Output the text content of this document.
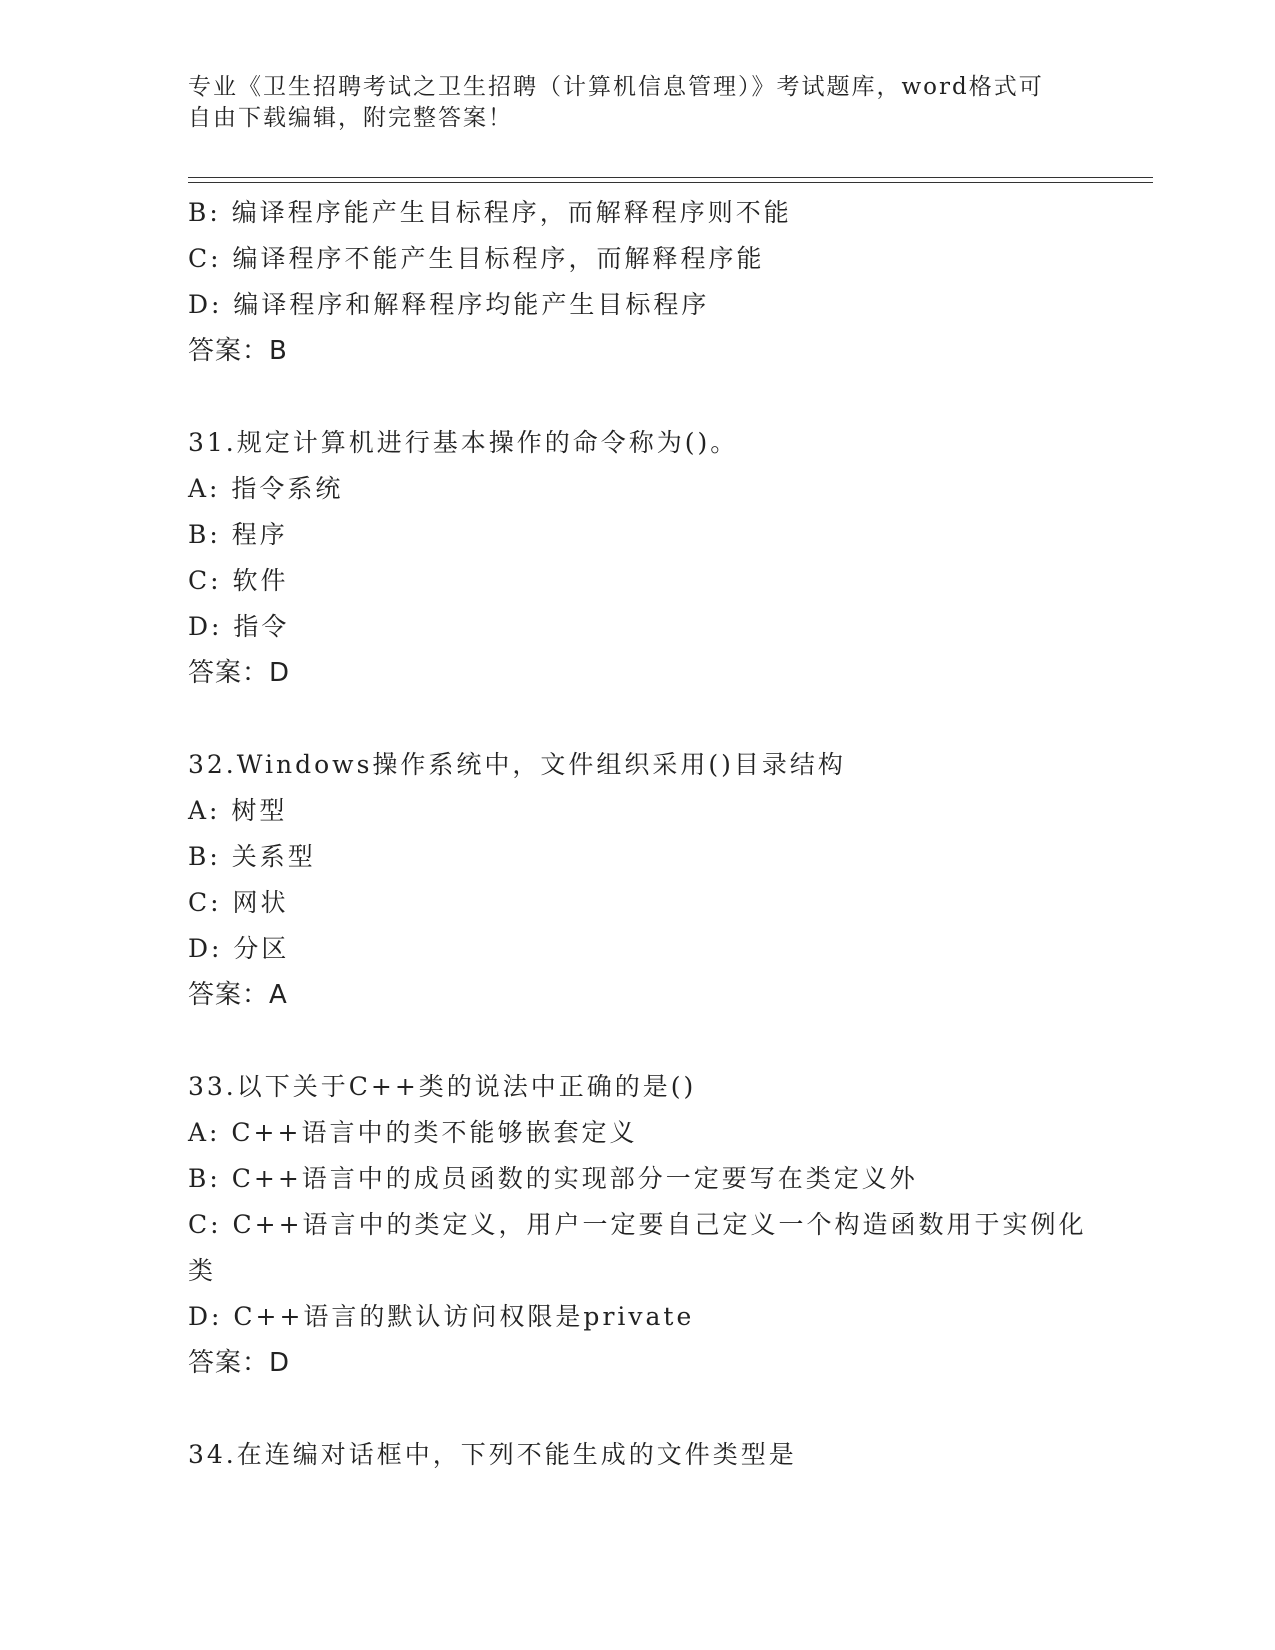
专业《卫生招聘考试之卫生招聘（计算机信息管理）》考试题库，word格式可自由下载编辑，附完整答案！
B: 编译程序能产生目标程序，而解释程序则不能
C: 编译程序不能产生目标程序，而解释程序能
D: 编译程序和解释程序均能产生目标程序
答案：B
31.规定计算机进行基本操作的命令称为()。
A: 指令系统
B: 程序
C: 软件
D: 指令
答案：D
32.Windows操作系统中，文件组织采用()目录结构
A: 树型
B: 关系型
C: 网状
D: 分区
答案：A
33.以下关于C++类的说法中正确的是()
A: C++语言中的类不能够嵌套定义
B: C++语言中的成员函数的实现部分一定要写在类定义外
C: C++语言中的类定义，用户一定要自己定义一个构造函数用于实例化类
D: C++语言的默认访问权限是private
答案：D
34.在连编对话框中，下列不能生成的文件类型是
